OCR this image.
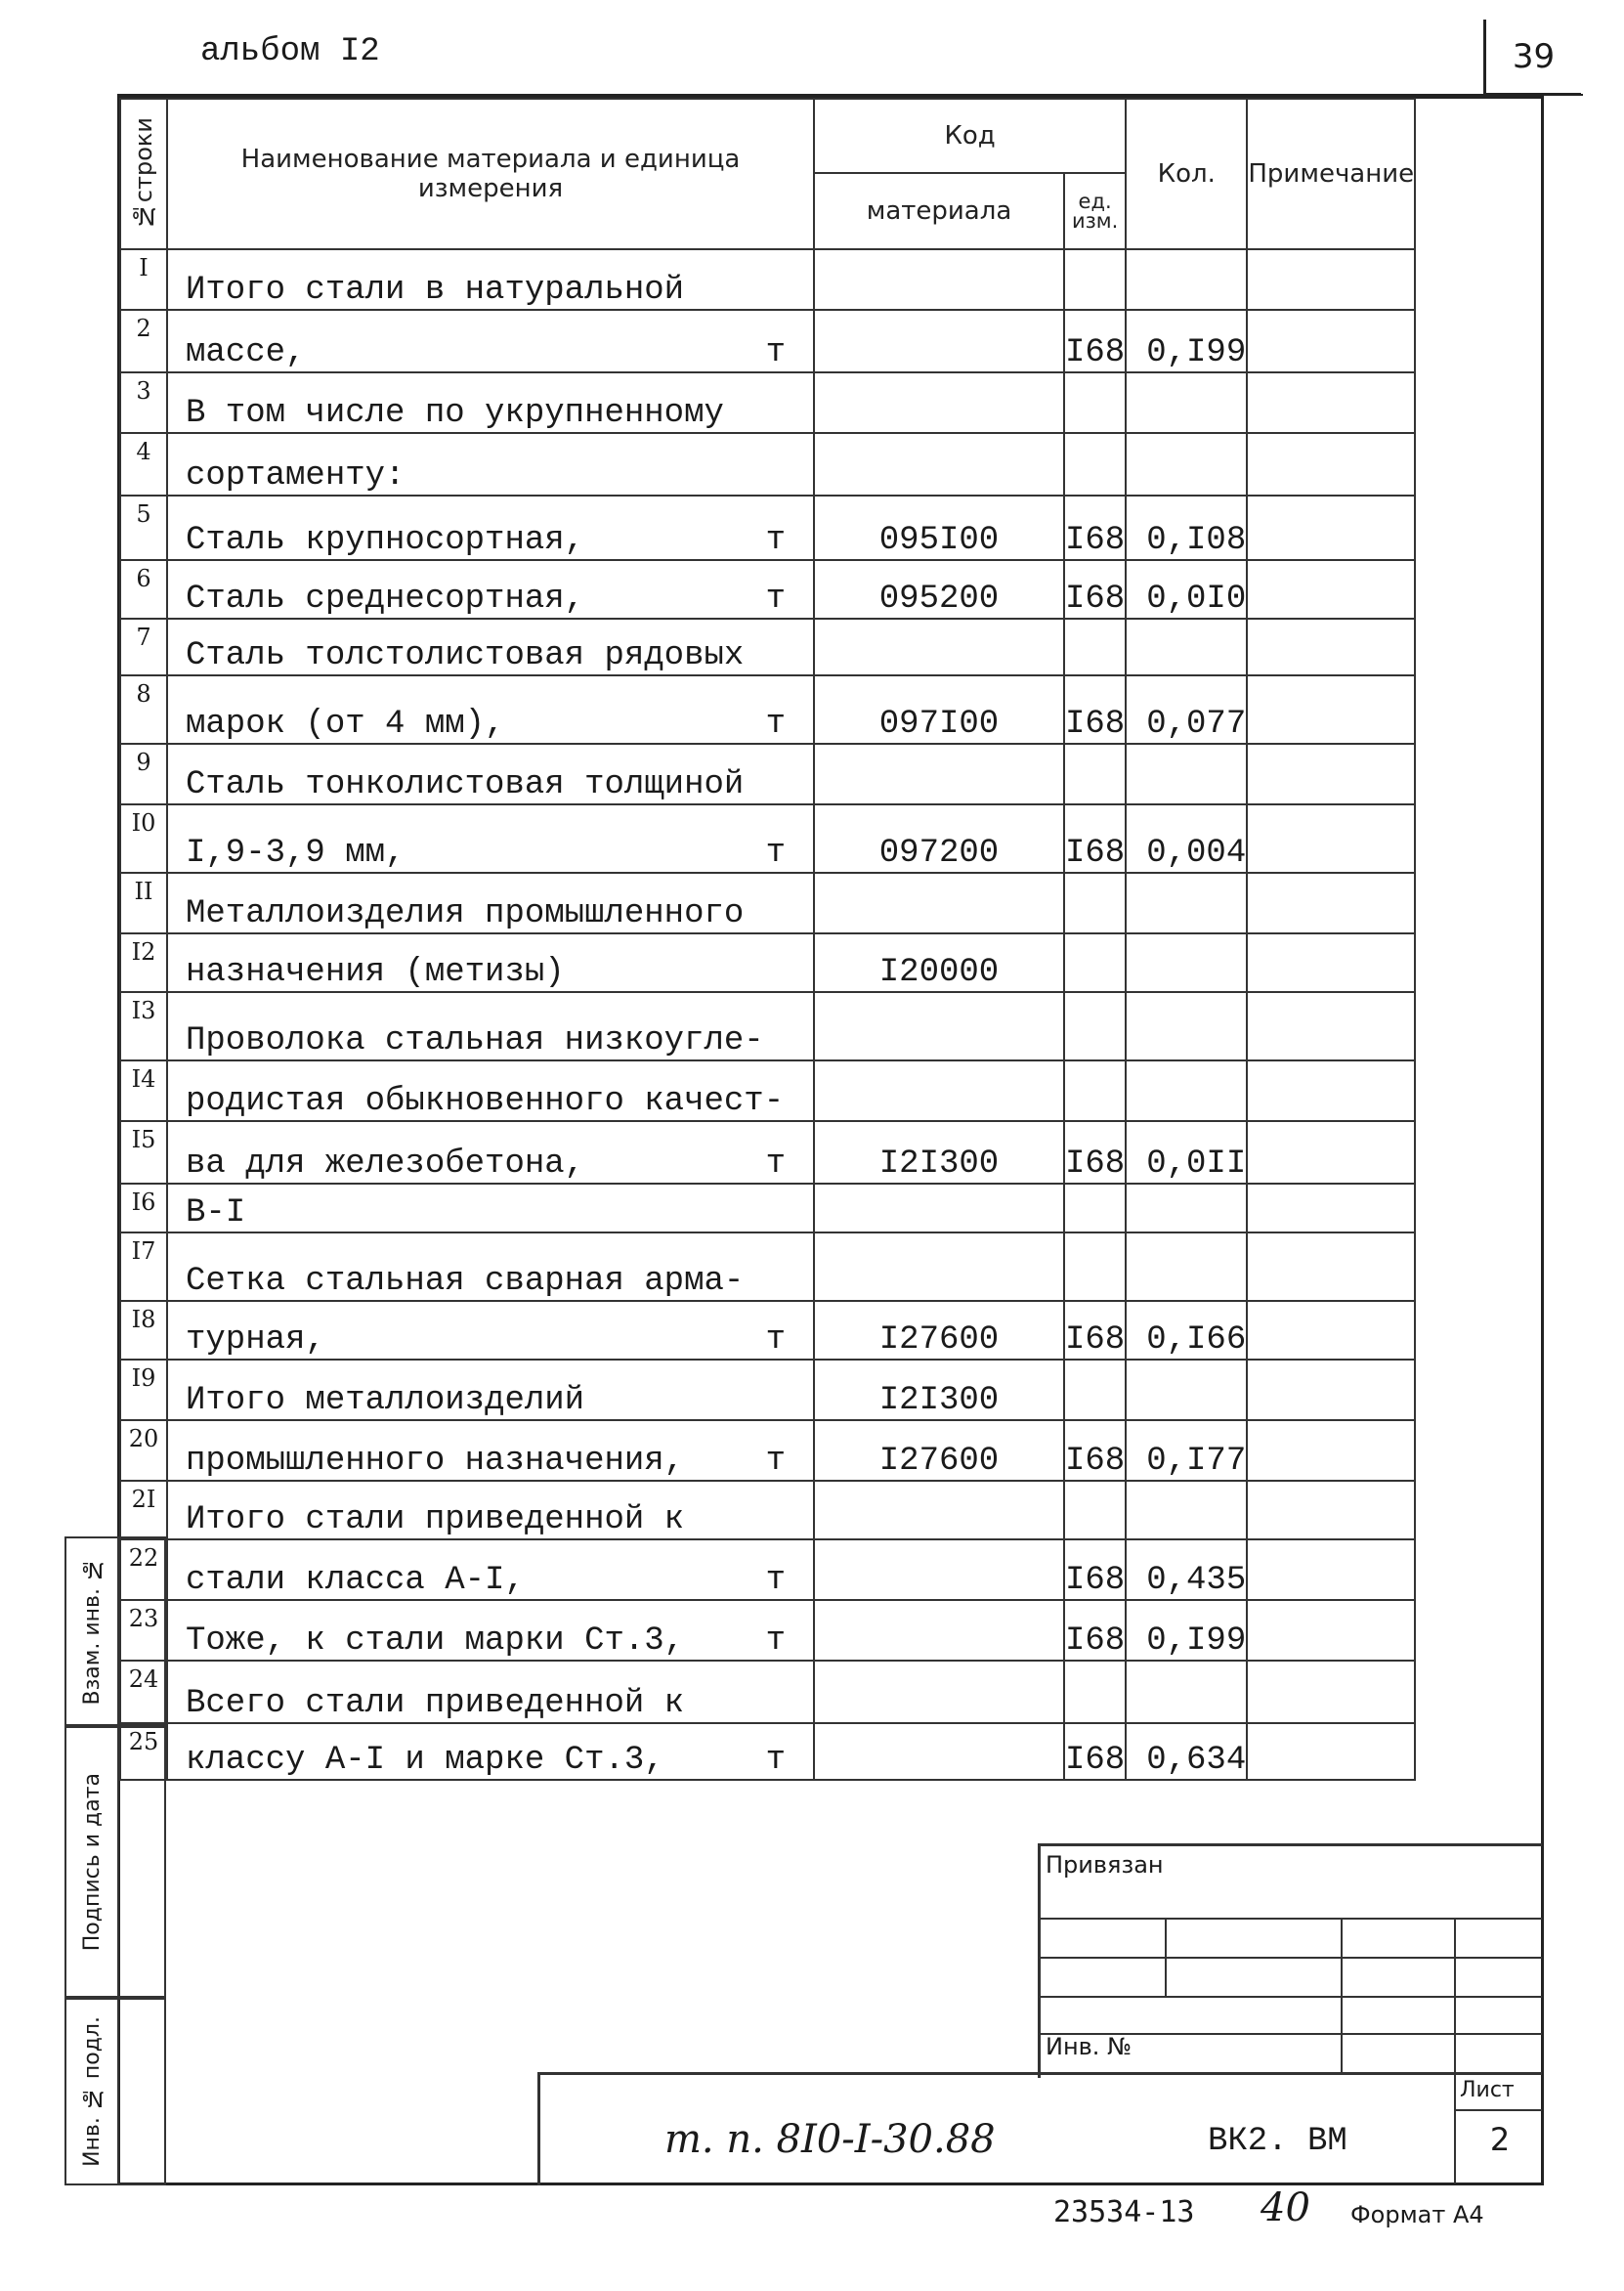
альбом I2	39
№строки	Наименование материала и единица измерения	Код		Кол.	Примечание
		материала	ед. изм.		
I	Итого стали в натуральной

2	массе, т		I68	0,I99	
3	В том числе по укрупненному

4	сортаменту:

5	Сталь крупносортная, т	095I00	I68	0,I08	
6	Сталь среднесортная, т	095200	I68	0,0I0	
7	Сталь толстолистовая рядовых

8	марок (от 4 мм), т	097I00	I68	0,077	
9	Сталь тонколистовая толщиной

I0	I,9-3,9 мм, т	097200	I68	0,004	
II	Металлоизделия промышленного

I2	назначения (метизы)	I20000			
I3	Проволока стальная низкоугле-

I4	родистая обыкновенного качест-

I5	ва для железобетона, т	I2I300	I68	0,0II	
I6	В-I

I7	Сетка стальная сварная арма-

I8	турная, т	I27600	I68	0,I66	
I9	Итого металлоизделий	I2I300			
20	промышленного назначения, т	I27600	I68	0,I77	
2I	Итого стали приведенной к

22	стали класса А-I, т		I68	0,435	
23	Тоже, к стали марки Ст.3, т		I68	0,I99	
24	Всего стали приведенной к

25	классу А-I и марке Ст.3, т		I68	0,634	
Взам. инв. №
Подпись и дата
Инв. № подл.
Привязан
Инв. №
Лист
2
т. п. 8I0-I-30.88	ВК2. ВМ
23534-13 40 Формат А4
